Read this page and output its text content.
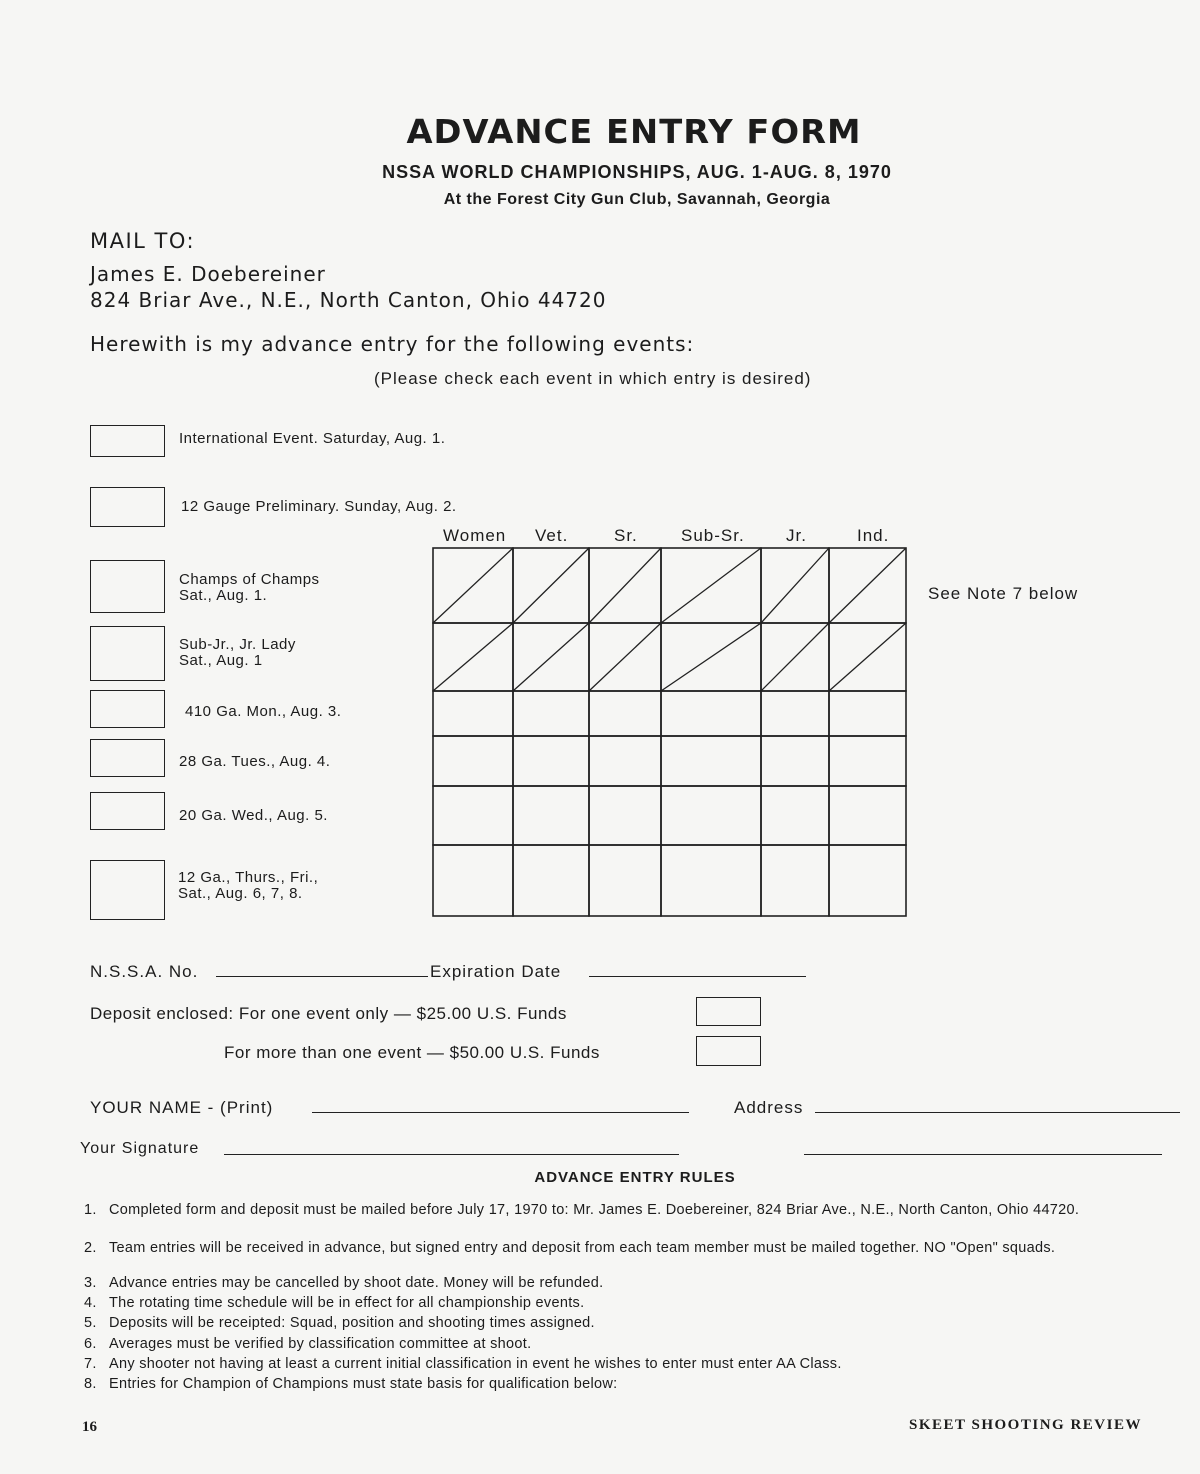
ADVANCE ENTRY FORM
NSSA WORLD CHAMPIONSHIPS, AUG. 1-AUG. 8, 1970
At the Forest City Gun Club, Savannah, Georgia
MAIL TO:
James E. Doebereiner
824 Briar Ave., N.E., North Canton, Ohio 44720
Herewith is my advance entry for the following events:
(Please check each event in which entry is desired)
International Event. Saturday, Aug. 1.
12 Gauge Preliminary. Sunday, Aug. 2.
Champs of Champs
Sat., Aug. 1.
Sub-Jr., Jr. Lady
Sat., Aug. 1
410 Ga. Mon., Aug. 3.
28 Ga. Tues., Aug. 4.
20 Ga. Wed., Aug. 5.
12 Ga., Thurs., Fri.,
Sat., Aug. 6, 7, 8.
Women Vet.	Sr.	Sub-Sr. Jr.	Ind.
See Note 7 below
N.S.S.A. No.	Expiration Date
Deposit enclosed: For one event only — $25.00 U.S. Funds
For more than one event — $50.00 U.S. Funds
YOUR NAME - (Print)	Address
Your Signature
ADVANCE ENTRY RULES
1. Completed form and deposit must be mailed before July 17, 1970 to: Mr. James E. Doebereiner, 824 Briar Ave., N.E., North Canton, Ohio 44720.
2. Team entries will be received in advance, but signed entry and deposit from each team member must be mailed together. NO "Open" squads.
3. Advance entries may be cancelled by shoot date. Money will be refunded.
4. The rotating time schedule will be in effect for all championship events.
5. Deposits will be receipted: Squad, position and shooting times assigned.
6. Averages must be verified by classification committee at shoot.
7. Any shooter not having at least a current initial classification in event he wishes to enter must enter AA Class.
8. Entries for Champion of Champions must state basis for qualification below:
16	SKEET SHOOTING REVIEW
